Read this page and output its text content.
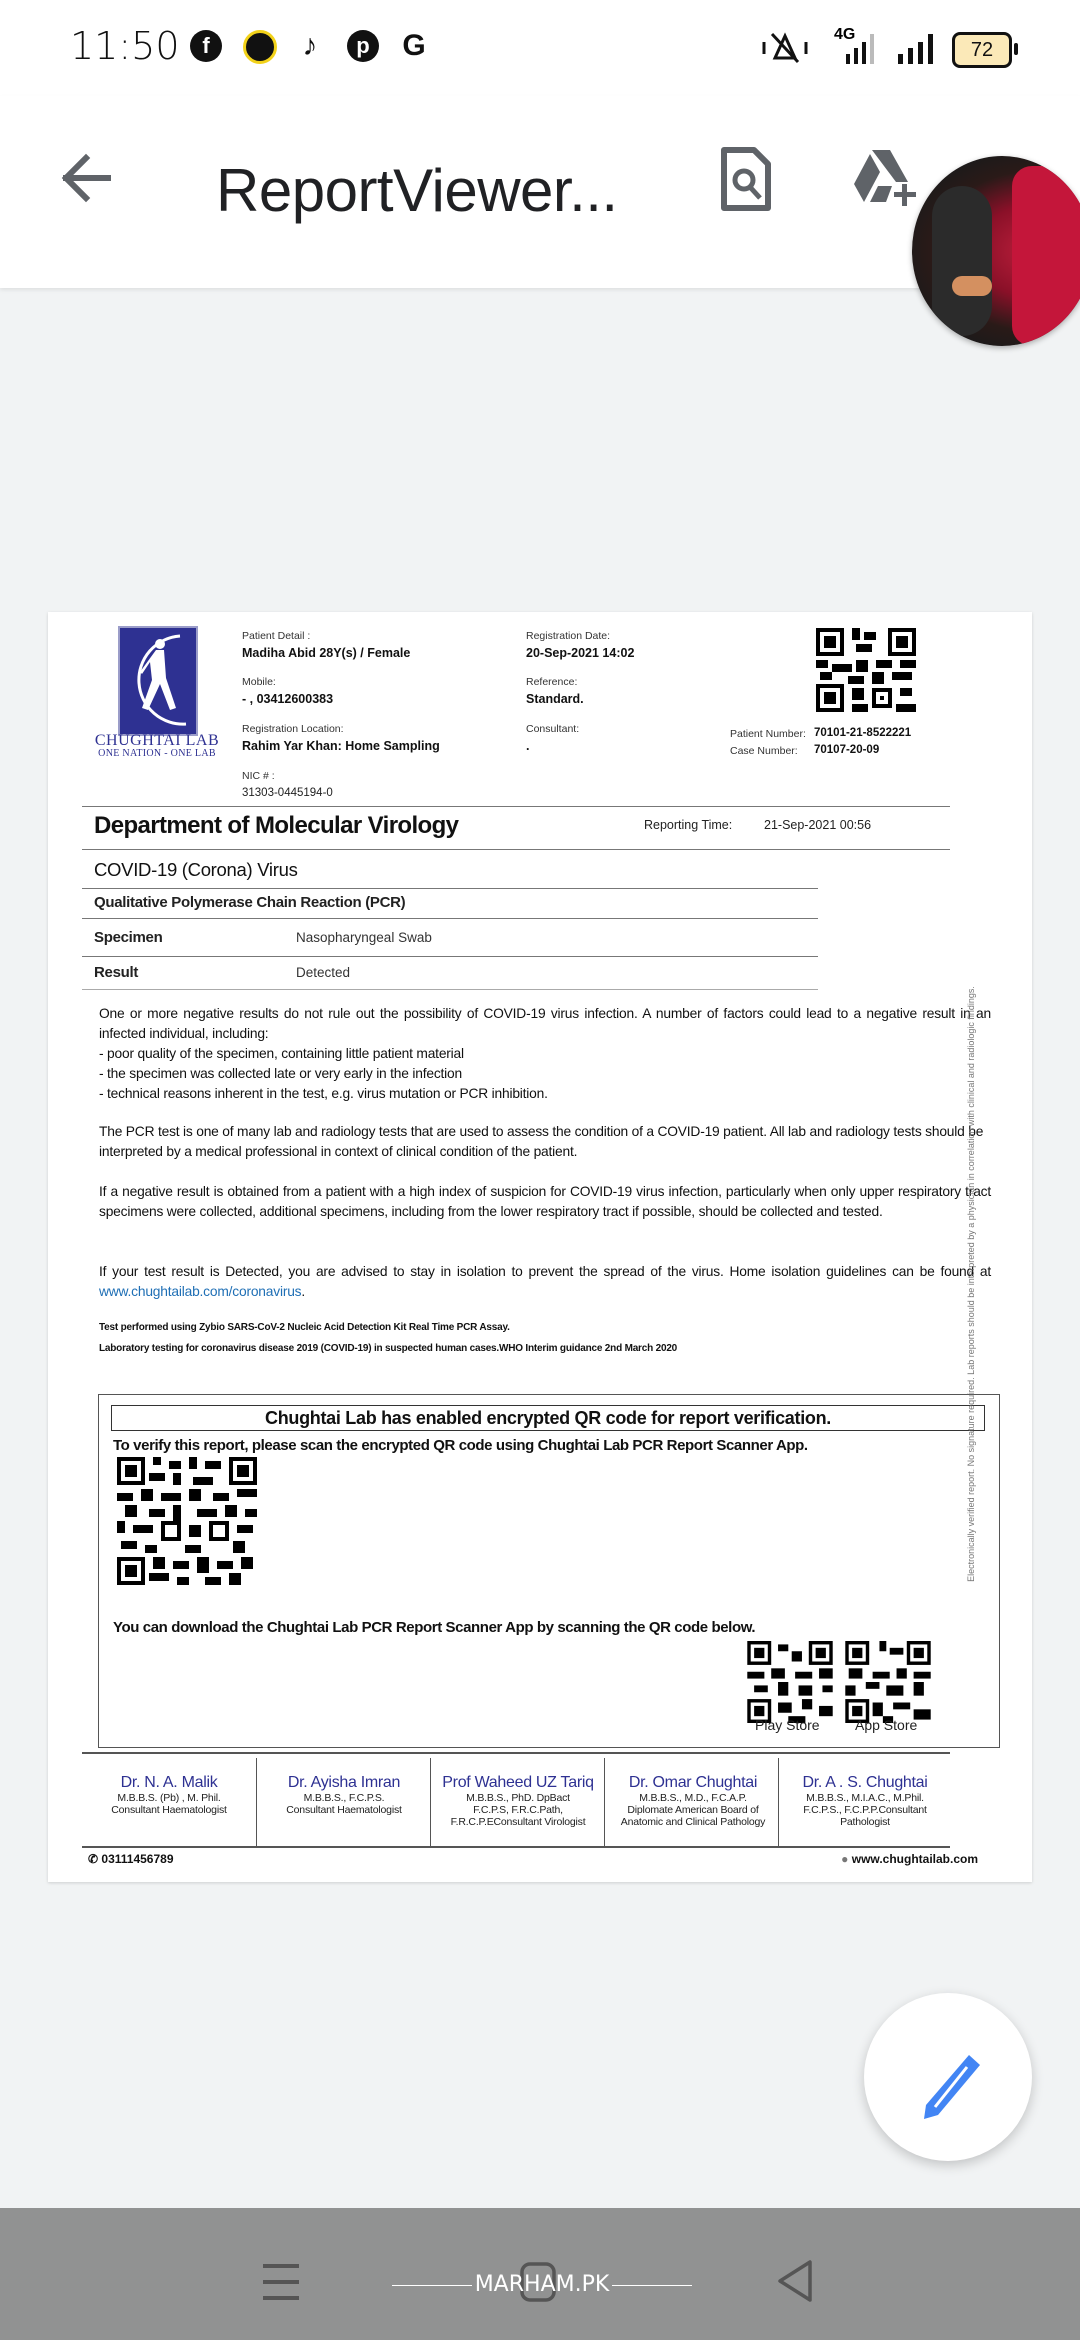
11:50	f	♪	p	G	4G
72
ReportViewer...
CHUGHTAI LAB
ONE NATION - ONE LAB
Patient Detail :
Madiha Abid 28Y(s) / Female
Mobile:
- , 03412600383
Registration Location:
Rahim Yar Khan: Home Sampling
NIC # :
31303-0445194-0
Registration Date:
20-Sep-2021 14:02
Reference:
Standard.
Consultant:
.
Patient Number: 70101-21-8522221
Case Number: 70107-20-09
Department of Molecular Virology	Reporting Time:	21-Sep-2021 00:56
COVID-19 (Corona) Virus
Qualitative Polymerase Chain Reaction (PCR)
Specimen	Nasopharyngeal Swab
Result	Detected
One or more negative results do not rule out the possibility of COVID-19 virus infection. A number of factors could lead to a negative result in an infected individual, including:
- poor quality of the specimen, containing little patient material
- the specimen was collected late or very early in the infection
- technical reasons inherent in the test, e.g. virus mutation or PCR inhibition.
The PCR test is one of many lab and radiology tests that are used to assess the condition of a COVID-19 patient. All lab and radiology tests should be interpreted by a medical professional in context of clinical condition of the patient.
If a negative result is obtained from a patient with a high index of suspicion for COVID-19 virus infection, particularly when only upper respiratory tract specimens were collected, additional specimens, including from the lower respiratory tract if possible, should be collected and tested.
If your test result is Detected, you are advised to stay in isolation to prevent the spread of the virus. Home isolation guidelines can be found at www.chughtailab.com/coronavirus.
Test performed using Zybio SARS-CoV-2 Nucleic Acid Detection Kit Real Time PCR Assay.
Laboratory testing for coronavirus disease 2019 (COVID-19) in suspected human cases.WHO Interim guidance 2nd March 2020
Chughtai Lab has enabled encrypted QR code for report verification.
To verify this report, please scan the encrypted QR code using Chughtai Lab PCR Report Scanner App.
You can download the Chughtai Lab PCR Report Scanner App by scanning the QR code below.
Play Store	App Store
Dr. N. A. Malik
M.B.B.S. (Pb) , M. Phil.
Consultant Haematologist
Dr. Ayisha Imran
M.B.B.S., F.C.P.S.
Consultant Haematologist
Prof Waheed UZ Tariq
M.B.B.S., PhD. DpBact
F.C.P.S, F.R.C.Path,
F.R.C.P.EConsultant Virologist
Dr. Omar Chughtai
M.B.B.S., M.D., F.C.A.P.
Diplomate American Board of
Anatomic and Clinical Pathology
Dr. A . S. Chughtai
M.B.B.S., M.I.A.C., M.Phil.
F.C.P.S., F.C.P.P.Consultant
Pathologist
✆ 03111456789	● www.chughtailab.com
Electronically verified report. No signature required. Lab reports should be interpreted by a physician in correlation with clinical and radiologic findings.
MARHAM.PK
